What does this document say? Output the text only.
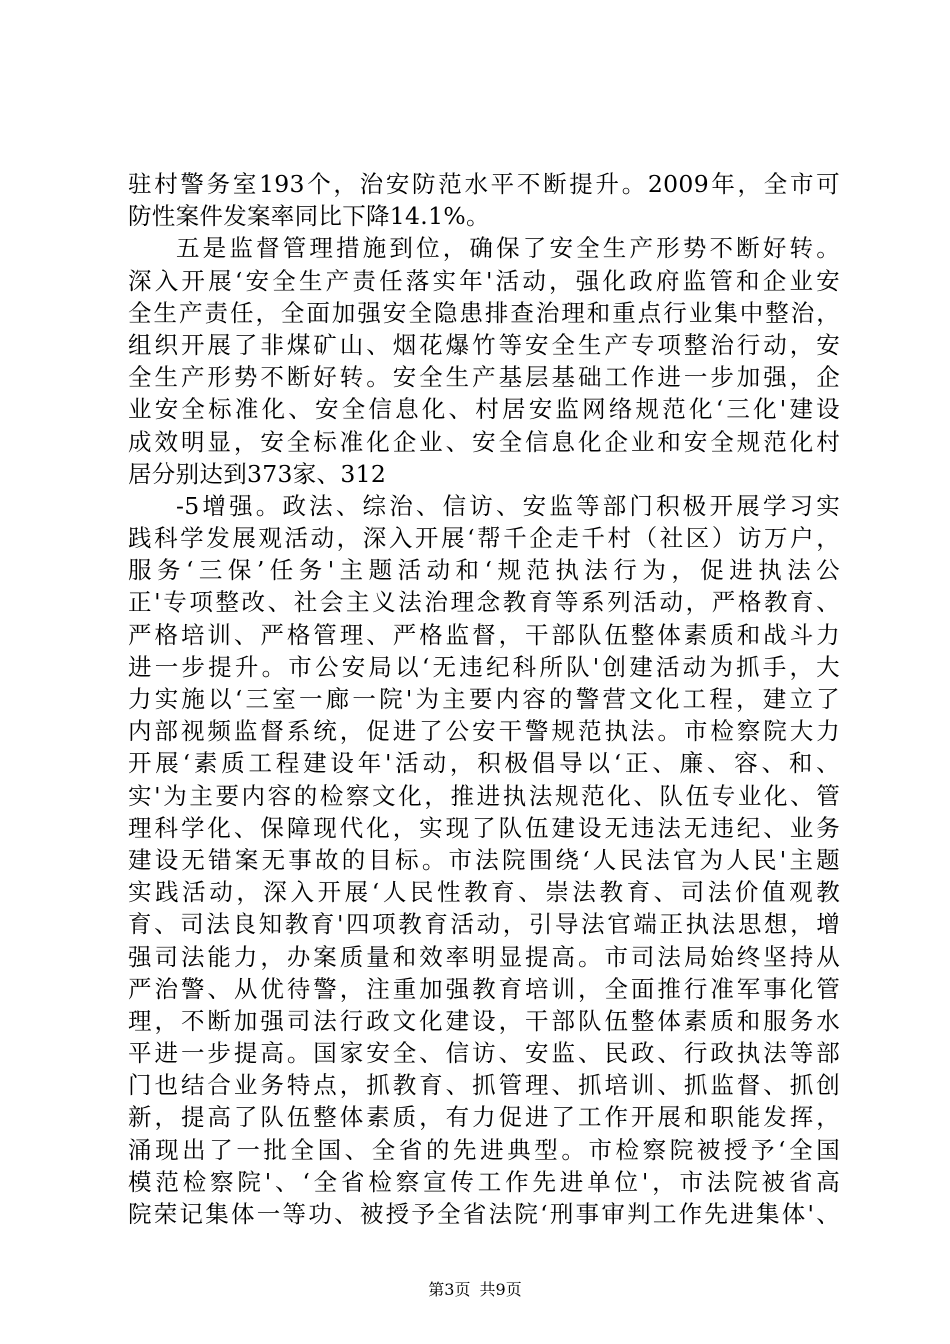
驻村警务室193个，治安防范水平不断提升。2009年，全市可
防性案件发案率同比下降14.1%。
五是监督管理措施到位，确保了安全生产形势不断好转。
深入开展‘安全生产责任落实年'活动，强化政府监管和企业安
全生产责任，全面加强安全隐患排查治理和重点行业集中整治，
组织开展了非煤矿山、烟花爆竹等安全生产专项整治行动，安
全生产形势不断好转。安全生产基层基础工作进一步加强，企
业安全标准化、安全信息化、村居安监网络规范化‘三化'建设
成效明显，安全标准化企业、安全信息化企业和安全规范化村
居分别达到373家、312
-5增强。政法、综治、信访、安监等部门积极开展学习实
践科学发展观活动，深入开展‘帮千企走千村（社区）访万户，
服务‘三保’任务'主题活动和‘规范执法行为，促进执法公
正'专项整改、社会主义法治理念教育等系列活动，严格教育、
严格培训、严格管理、严格监督，干部队伍整体素质和战斗力
进一步提升。市公安局以‘无违纪科所队'创建活动为抓手，大
力实施以‘三室一廊一院'为主要内容的警营文化工程，建立了
内部视频监督系统，促进了公安干警规范执法。市检察院大力
开展‘素质工程建设年'活动，积极倡导以‘正、廉、容、和、
实'为主要内容的检察文化，推进执法规范化、队伍专业化、管
理科学化、保障现代化，实现了队伍建设无违法无违纪、业务
建设无错案无事故的目标。市法院围绕‘人民法官为人民'主题
实践活动，深入开展‘人民性教育、崇法教育、司法价值观教
育、司法良知教育'四项教育活动，引导法官端正执法思想，增
强司法能力，办案质量和效率明显提高。市司法局始终坚持从
严治警、从优待警，注重加强教育培训，全面推行准军事化管
理，不断加强司法行政文化建设，干部队伍整体素质和服务水
平进一步提高。国家安全、信访、安监、民政、行政执法等部
门也结合业务特点，抓教育、抓管理、抓培训、抓监督、抓创
新，提高了队伍整体素质，有力促进了工作开展和职能发挥，
涌现出了一批全国、全省的先进典型。市检察院被授予‘全国
模范检察院'、‘全省检察宣传工作先进单位'，市法院被省高
院荣记集体一等功、被授予全省法院‘刑事审判工作先进集体'、
第3页 共9页
